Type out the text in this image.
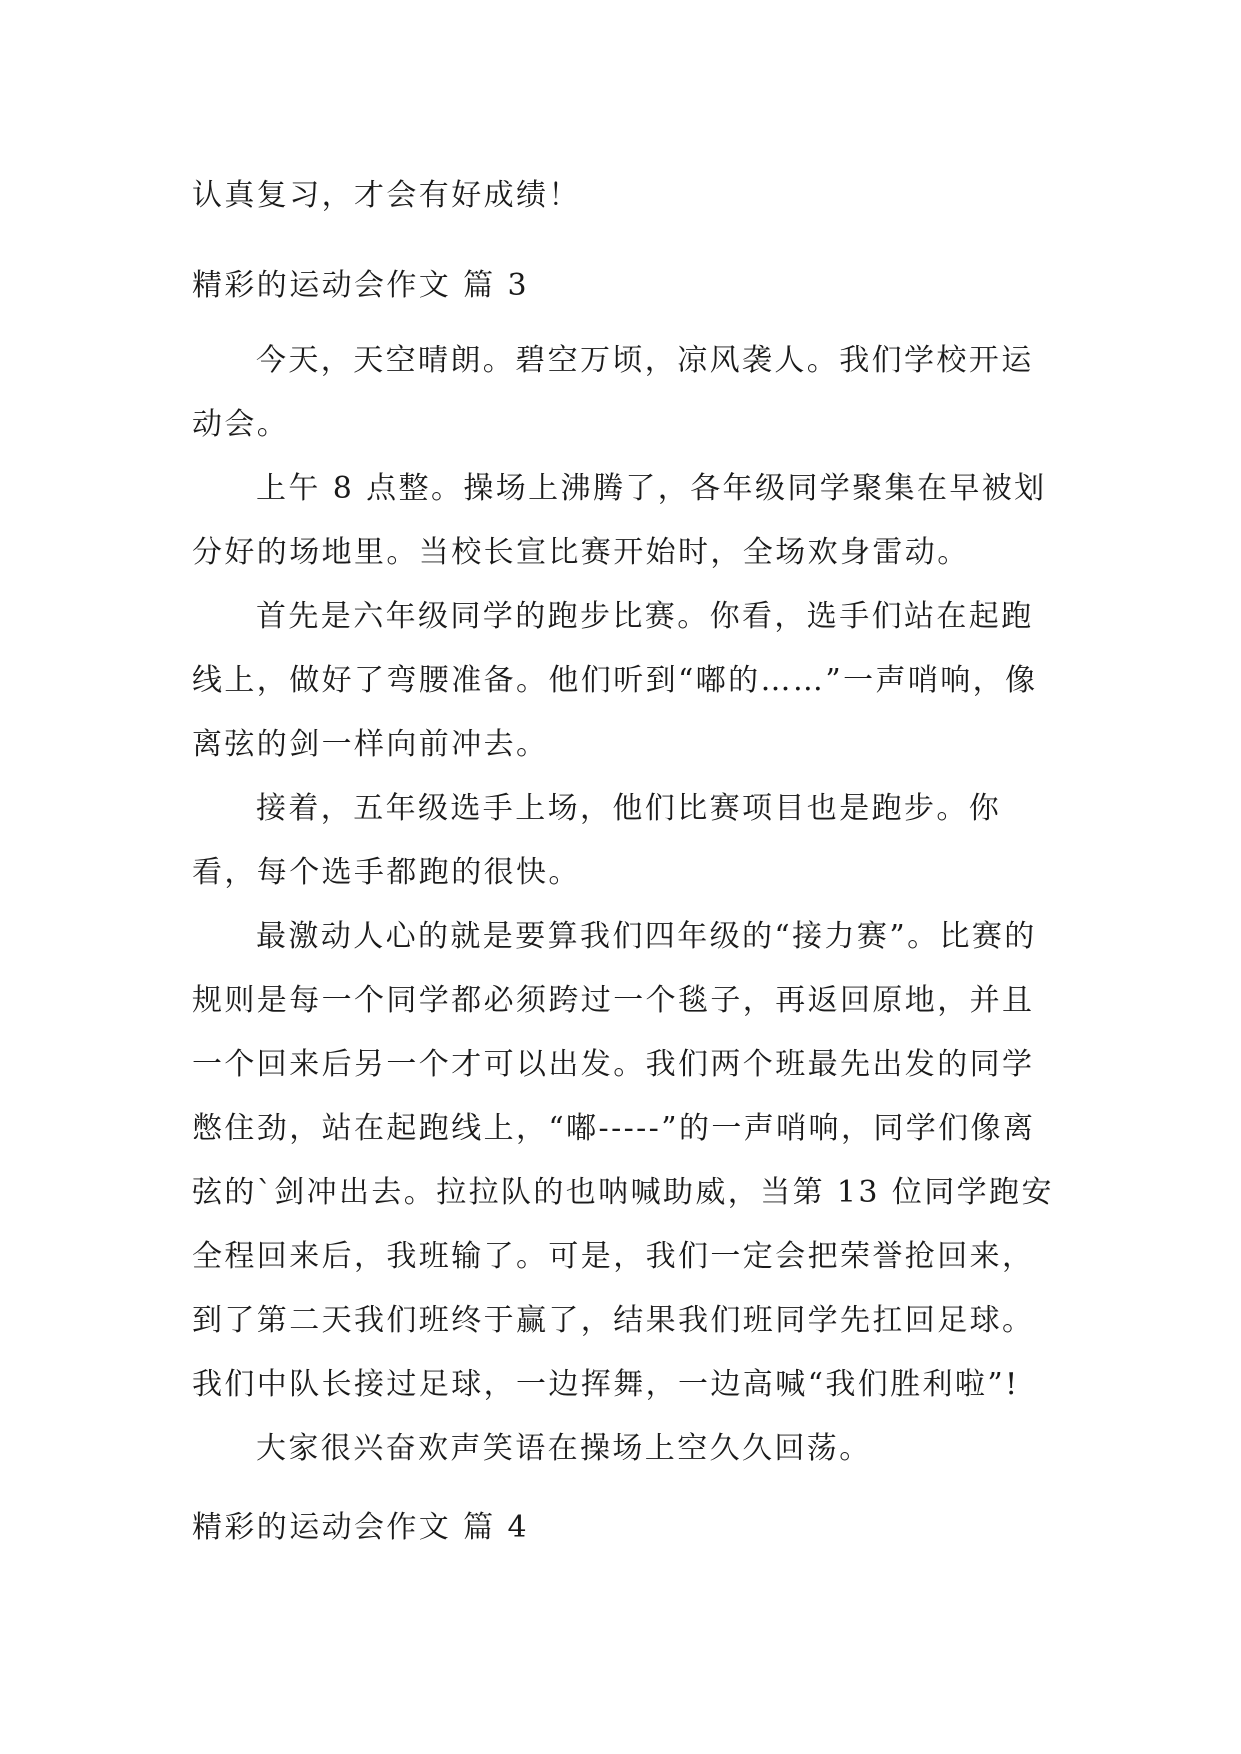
认真复习，才会有好成绩！
精彩的运动会作文 篇 3

今天，天空晴朗。碧空万顷，凉风袭人。我们学校开运动会。

上午 8 点整。操场上沸腾了，各年级同学聚集在早被划分好的场地里。当校长宣比赛开始时，全场欢身雷动。

首先是六年级同学的跑步比赛。你看，选手们站在起跑线上，做好了弯腰准备。他们听到“嘟的……”一声哨响，像离弦的剑一样向前冲去。

接着，五年级选手上场，他们比赛项目也是跑步。你看，每个选手都跑的很快。

最激动人心的就是要算我们四年级的“接力赛”。比赛的规则是每一个同学都必须跨过一个毯子，再返回原地，并且一个回来后另一个才可以出发。我们两个班最先出发的同学憋住劲，站在起跑线上，“嘟-----”的一声哨响，同学们像离弦的`剑冲出去。拉拉队的也呐喊助威，当第 13 位同学跑安全程回来后，我班输了。可是，我们一定会把荣誉抢回来，到了第二天我们班终于赢了，结果我们班同学先扛回足球。我们中队长接过足球，一边挥舞，一边高喊“我们胜利啦”!

大家很兴奋欢声笑语在操场上空久久回荡。

精彩的运动会作文 篇 4
